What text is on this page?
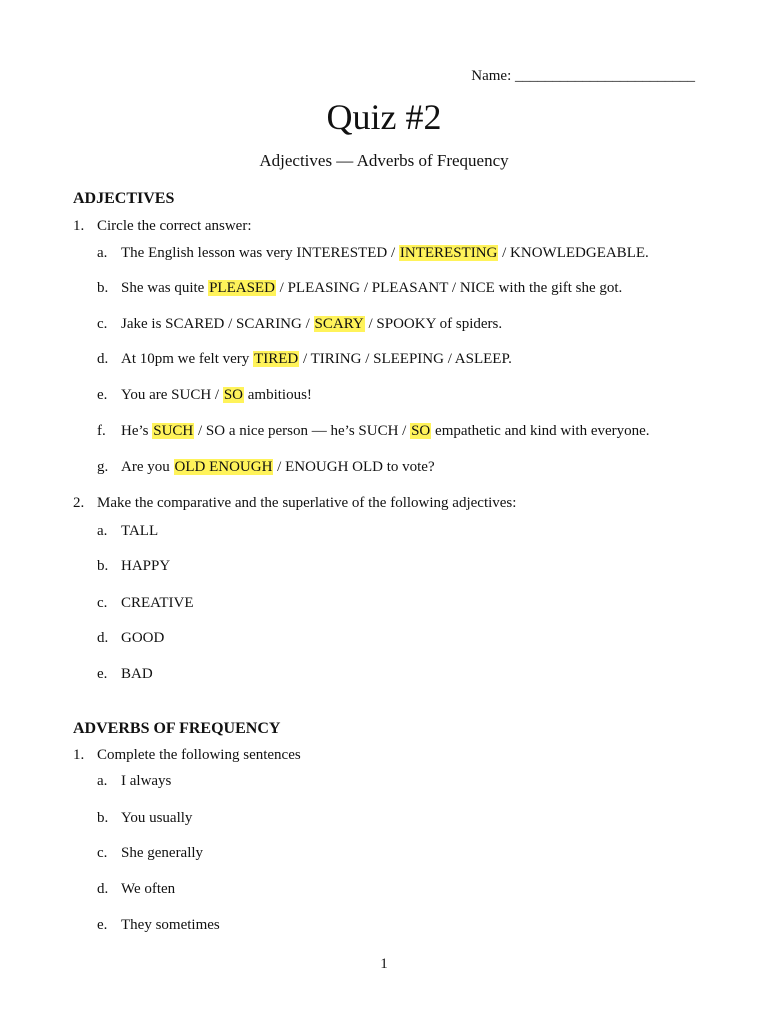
Name: ________________________
Quiz #2
Adjectives — Adverbs of Frequency
ADJECTIVES
1. Circle the correct answer:
a. The English lesson was very INTERESTED / INTERESTING / KNOWLEDGEABLE.
b. She was quite PLEASED / PLEASING / PLEASANT / NICE with the gift she got.
c. Jake is SCARED / SCARING / SCARY / SPOOKY of spiders.
d. At 10pm we felt very TIRED / TIRING / SLEEPING / ASLEEP.
e. You are SUCH / SO ambitious!
f. He’s SUCH / SO a nice person — he’s SUCH / SO empathetic and kind with everyone.
g. Are you OLD ENOUGH / ENOUGH OLD to vote?
2. Make the comparative and the superlative of the following adjectives:
a. TALL
b. HAPPY
c. CREATIVE
d. GOOD
e. BAD
ADVERBS OF FREQUENCY
1. Complete the following sentences
a. I always
b. You usually
c. She generally
d. We often
e. They sometimes
1
